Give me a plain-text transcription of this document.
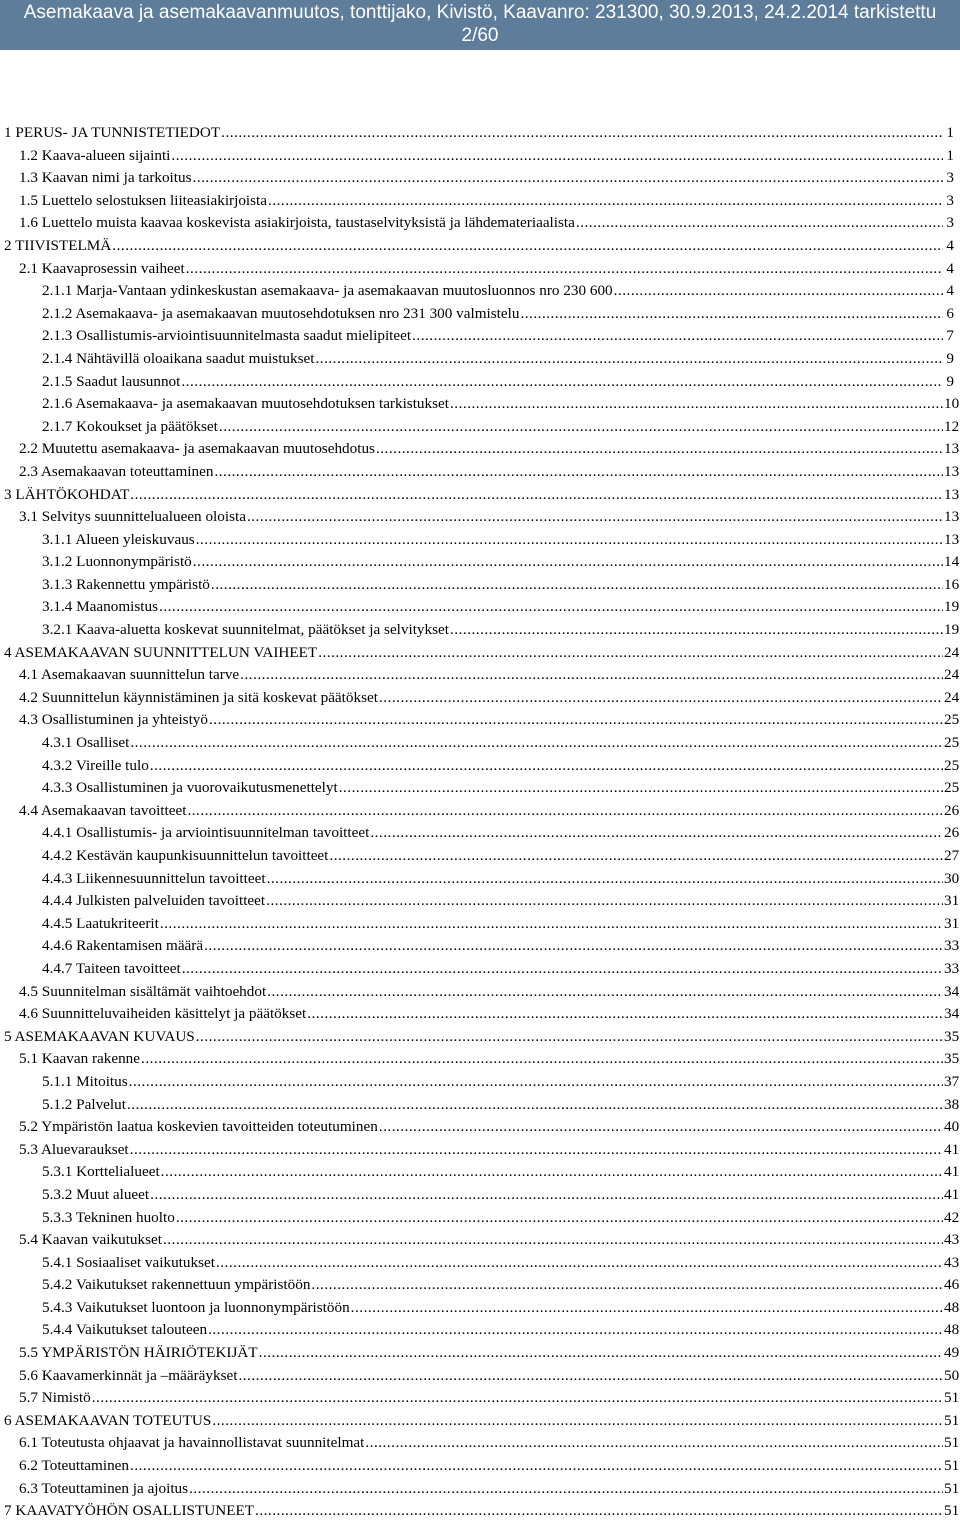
Asemakaava ja asemakaavanmuutos, tonttijako, Kivistö, Kaavanro: 231300, 30.9.2013, 24.2.2014 tarkistettu
2/60
1 PERUS- JA TUNNISTETIEDOT .....	1
1.2 Kaava-alueen sijainti .....	1
1.3 Kaavan nimi ja tarkoitus .....	3
1.5 Luettelo selostuksen liiteasiakirjoista .....	3
1.6 Luettelo muista kaavaa koskevista asiakirjoista, taustaselvityksistä ja lähdemateriaalista .....	3
2 TIIVISTELMÄ .....	4
2.1 Kaavaprosessin vaiheet .....	4
2.1.1 Marja-Vantaan ydinkeskustan asemakaava- ja asemakaavan muutosluonnos nro 230 600 .....	4
2.1.2 Asemakaava- ja asemakaavan muutosehdotuksen nro 231 300 valmistelu .....	6
2.1.3 Osallistumis-arviointisuunnitelmasta saadut mielipiteet .....	7
2.1.4 Nähtävillä oloaikana saadut muistukset .....	9
2.1.5 Saadut lausunnot .....	9
2.1.6 Asemakaava- ja asemakaavan muutosehdotuksen tarkistukset .....	10
2.1.7 Kokoukset ja päätökset .....	12
2.2 Muutettu asemakaava- ja asemakaavan muutosehdotus .....	13
2.3 Asemakaavan toteuttaminen .....	13
3 LÄHTÖKOHDAT .....	13
3.1 Selvitys suunnittelualueen oloista .....	13
3.1.1 Alueen yleiskuvaus .....	13
3.1.2 Luonnonympäristö .....	14
3.1.3 Rakennettu ympäristö .....	16
3.1.4 Maanomistus .....	19
3.2.1 Kaava-aluetta koskevat suunnitelmat, päätökset ja selvitykset .....	19
4 ASEMAKAAVAN SUUNNITTELUN VAIHEET .....	24
4.1 Asemakaavan suunnittelun tarve .....	24
4.2 Suunnittelun käynnistäminen ja sitä koskevat päätökset .....	24
4.3 Osallistuminen ja yhteistyö .....	25
4.3.1 Osalliset .....	25
4.3.2 Vireille tulo .....	25
4.3.3 Osallistuminen ja vuorovaikutusmenettelyt .....	25
4.4 Asemakaavan tavoitteet .....	26
4.4.1 Osallistumis- ja arviointisuunnitelman tavoitteet .....	26
4.4.2 Kestävän kaupunkisuunnittelun tavoitteet .....	27
4.4.3 Liikennesuunnittelun tavoitteet .....	30
4.4.4 Julkisten palveluiden tavoitteet .....	31
4.4.5 Laatukriteerit .....	31
4.4.6 Rakentamisen määrä .....	33
4.4.7 Taiteen tavoitteet .....	33
4.5 Suunnitelman sisältämät vaihtoehdot .....	34
4.6 Suunnitteluvaiheiden käsittelyt ja päätökset .....	34
5 ASEMAKAAVAN KUVAUS .....	35
5.1 Kaavan rakenne .....	35
5.1.1 Mitoitus .....	37
5.1.2 Palvelut .....	38
5.2 Ympäristön laatua koskevien tavoitteiden toteutuminen .....	40
5.3 Aluevaraukset .....	41
5.3.1 Korttelialueet .....	41
5.3.2 Muut alueet .....	41
5.3.3 Tekninen huolto .....	42
5.4 Kaavan vaikutukset .....	43
5.4.1 Sosiaaliset vaikutukset .....	43
5.4.2 Vaikutukset rakennettuun ympäristöön .....	46
5.4.3 Vaikutukset luontoon ja luonnonympäristöön .....	48
5.4.4 Vaikutukset talouteen .....	48
5.5 YMPÄRISTÖN HÄIRIÖTEKIJÄT .....	49
5.6 Kaavamerkinnät ja –määräykset .....	50
5.7 Nimistö .....	51
6 ASEMAKAAVAN TOTEUTUS .....	51
6.1 Toteutusta ohjaavat ja havainnollistavat suunnitelmat .....	51
6.2 Toteuttaminen .....	51
6.3 Toteuttaminen ja ajoitus .....	51
7 KAAVATYÖHÖN OSALLISTUNEET .....	51
